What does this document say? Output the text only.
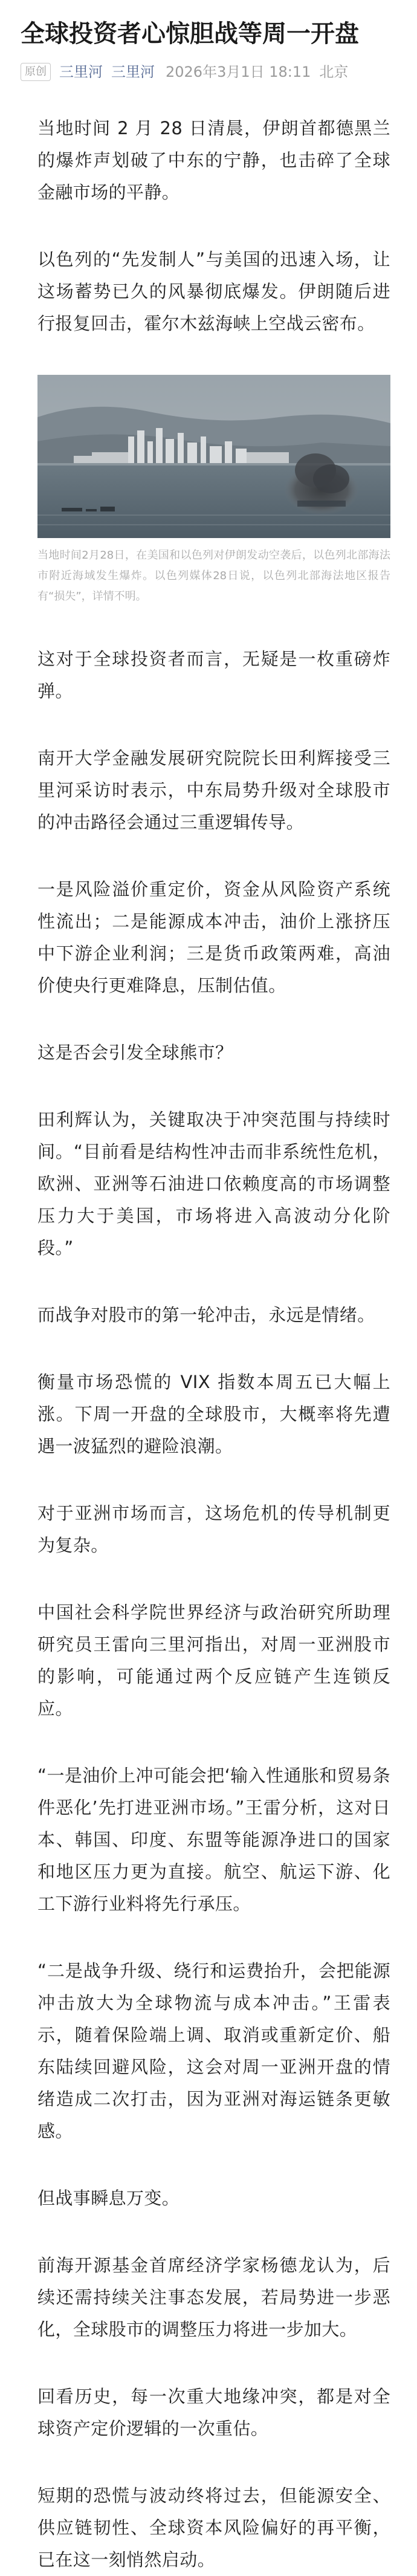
全球投资者心惊胆战等周一开盘
原创 三里河 三里河 2026年3月1日 18:11 北京

当地时间 2 月 28 日清晨，伊朗首都德黑兰的爆炸声划破了中东的宁静，也击碎了全球金融市场的平静。

以色列的“先发制人”与美国的迅速入场，让这场蓄势已久的风暴彻底爆发。伊朗随后进行报复回击，霍尔木兹海峡上空战云密布。

当地时间2月28日，在美国和以色列对伊朗发动空袭后，以色列北部海法市附近海域发生爆炸。以色列媒体28日说，以色列北部海法地区报告有“损失”，详情不明。

这对于全球投资者而言，无疑是一枚重磅炸弹。

南开大学金融发展研究院院长田利辉接受三里河采访时表示，中东局势升级对全球股市的冲击路径会通过三重逻辑传导。

一是风险溢价重定价，资金从风险资产系统性流出；二是能源成本冲击，油价上涨挤压中下游企业利润；三是货币政策两难，高油价使央行更难降息，压制估值。

这是否会引发全球熊市？

田利辉认为，关键取决于冲突范围与持续时间。“目前看是结构性冲击而非系统性危机，欧洲、亚洲等石油进口依赖度高的市场调整压力大于美国，市场将进入高波动分化阶段。”

而战争对股市的第一轮冲击，永远是情绪。

衡量市场恐慌的 VIX 指数本周五已大幅上涨。下周一开盘的全球股市，大概率将先遭遇一波猛烈的避险浪潮。

对于亚洲市场而言，这场危机的传导机制更为复杂。

中国社会科学院世界经济与政治研究所助理研究员王雷向三里河指出，对周一亚洲股市的影响，可能通过两个反应链产生连锁反应。

“一是油价上冲可能会把‘输入性通胀和贸易条件恶化’先打进亚洲市场。”王雷分析，这对日本、韩国、印度、东盟等能源净进口的国家和地区压力更为直接。航空、航运下游、化工下游行业料将先行承压。

“二是战争升级、绕行和运费抬升，会把能源冲击放大为全球物流与成本冲击。”王雷表示，随着保险端上调、取消或重新定价、船东陆续回避风险，这会对周一亚洲开盘的情绪造成二次打击，因为亚洲对海运链条更敏感。

但战事瞬息万变。

前海开源基金首席经济学家杨德龙认为，后续还需持续关注事态发展，若局势进一步恶化，全球股市的调整压力将进一步加大。

回看历史，每一次重大地缘冲突，都是对全球资产定价逻辑的一次重估。

短期的恐慌与波动终将过去，但能源安全、供应链韧性、全球资本风险偏好的再平衡，已在这一刻悄然启动。
